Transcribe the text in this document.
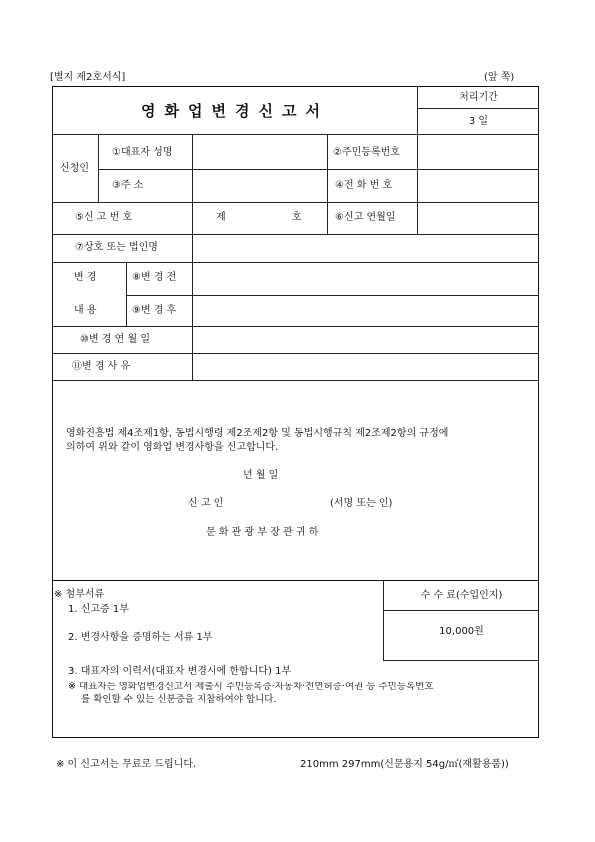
[별지 제2호서식]	(앞 쪽)
영화업변경신고서
처리기간
3 일
신청인
①대표자 성명	②주민등록번호
③주 소	④전 화 번 호
⑤신 고 번 호	제	호	⑥신고 연월일
⑦상호 또는 법인명
변 경
내 용
⑧변 경 전
⑨변 경 후
⑩변 경 연 월 일
⑪변 경 사 유
영화진흥법 제4조제1항, 동법시행령 제2조제2항 및 동법시행규칙 제2조제2항의 규정에
의하여 위와 같이 영화업 변경사항을 신고합니다.
년 월 일
신 고 인	(서명 또는 인)
문 화 관 광 부 장 관 귀 하
수 수 료(수입인지)
10,000원
※ 첨부서류
1. 신고증 1부
2. 변경사항을 증명하는 서류 1부
3. 대표자의 이력서(대표자 변경시에 한합니다) 1부
※ 대표자는 영화업변경신고서 제출시 주민등록증·자동차·전면허증·여권 등 주민등록번호
를 확인할 수 있는 신분증을 지참하여야 합니다.
※ 이 신고서는 무료로 드립니다.	210mm 297mm(신문용지 54g/㎡(재활용품))
